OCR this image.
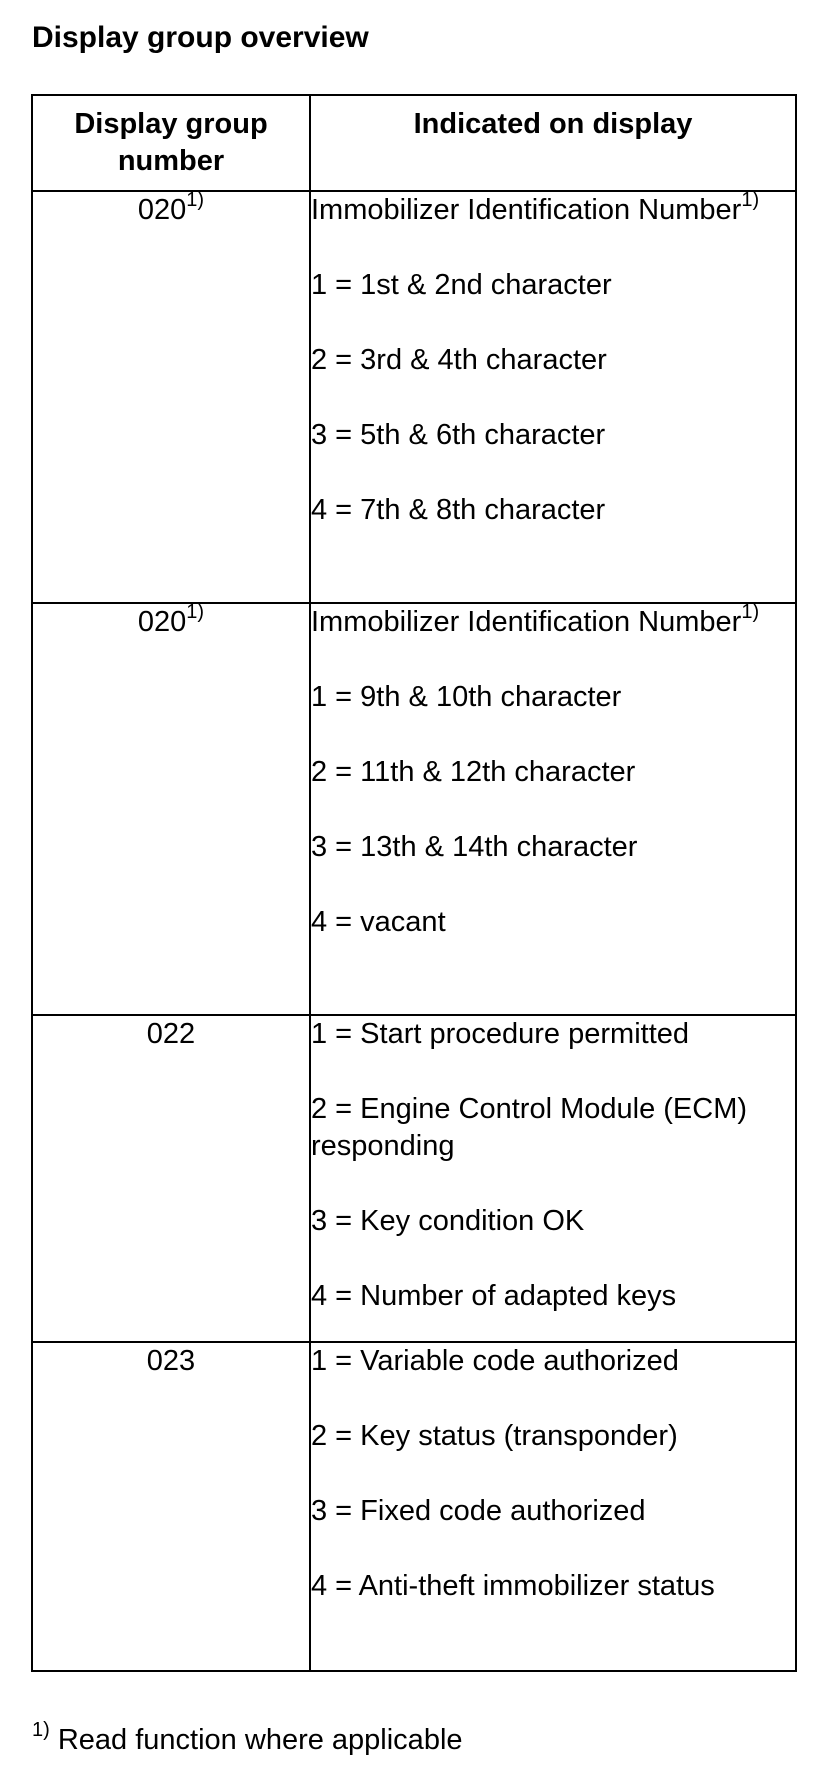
Display group overview
Display group number	Indicated on display
020$^{1)}$	Immobilizer Identification Number$^{1)}$
1 = 1st & 2nd character
2 = 3rd & 4th character
3 = 5th & 6th character
4 = 7th & 8th character

020$^{1)}$	Immobilizer Identification Number$^{1)}$
1 = 9th & 10th character
2 = 11th & 12th character
3 = 13th & 14th character
4 = vacant

022	1 = Start procedure permitted
2 = Engine Control Module (ECM) responding
3 = Key condition OK
4 = Number of adapted keys

023	1 = Variable code authorized
2 = Key status (transponder)
3 = Fixed code authorized
4 = Anti-theft immobilizer status

$^{1)}$ Read function where applicable
